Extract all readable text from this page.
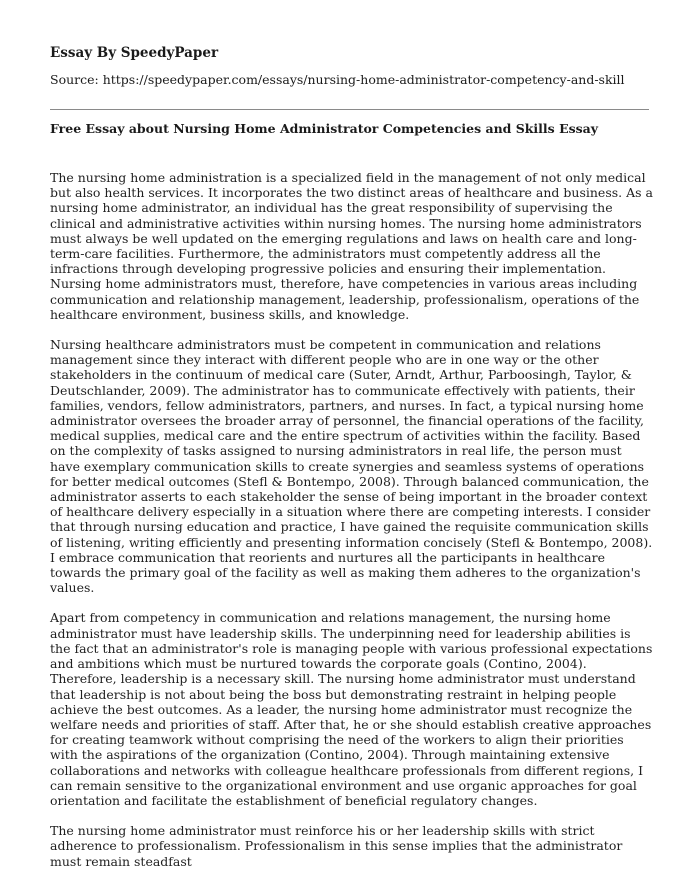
Essay By SpeedyPaper
Source: https://speedypaper.com/essays/nursing-home-administrator-competency-and-skill
Free Essay about Nursing Home Administrator Competencies and Skills Essay

The nursing home administration is a specialized field in the management of not only medical but also health services. It incorporates the two distinct areas of healthcare and business. As a nursing home administrator, an individual has the great responsibility of supervising the clinical and administrative activities within nursing homes. The nursing home administrators must always be well updated on the emerging regulations and laws on health care and long-term-care facilities. Furthermore, the administrators must competently address all the infractions through developing progressive policies and ensuring their implementation. Nursing home administrators must, therefore, have competencies in various areas including communication and relationship management, leadership, professionalism, operations of the healthcare environment, business skills, and knowledge.

Nursing healthcare administrators must be competent in communication and relations management since they interact with different people who are in one way or the other stakeholders in the continuum of medical care (Suter, Arndt, Arthur, Parboosingh, Taylor, & Deutschlander, 2009). The administrator has to communicate effectively with patients, their families, vendors, fellow administrators, partners, and nurses. In fact, a typical nursing home administrator oversees the broader array of personnel, the financial operations of the facility, medical supplies, medical care and the entire spectrum of activities within the facility. Based on the complexity of tasks assigned to nursing administrators in real life, the person must have exemplary communication skills to create synergies and seamless systems of operations for better medical outcomes (Stefl & Bontempo, 2008). Through balanced communication, the administrator asserts to each stakeholder the sense of being important in the broader context of healthcare delivery especially in a situation where there are competing interests. I consider that through nursing education and practice, I have gained the requisite communication skills of listening, writing efficiently and presenting information concisely (Stefl & Bontempo, 2008). I embrace communication that reorients and nurtures all the participants in healthcare towards the primary goal of the facility as well as making them adheres to the organization's values.

Apart from competency in communication and relations management, the nursing home administrator must have leadership skills. The underpinning need for leadership abilities is the fact that an administrator's role is managing people with various professional expectations and ambitions which must be nurtured towards the corporate goals (Contino, 2004). Therefore, leadership is a necessary skill. The nursing home administrator must understand that leadership is not about being the boss but demonstrating restraint in helping people achieve the best outcomes. As a leader, the nursing home administrator must recognize the welfare needs and priorities of staff. After that, he or she should establish creative approaches for creating teamwork without comprising the need of the workers to align their priorities with the aspirations of the organization (Contino, 2004). Through maintaining extensive collaborations and networks with colleague healthcare professionals from different regions, I can remain sensitive to the organizational environment and use organic approaches for goal orientation and facilitate the establishment of beneficial regulatory changes.

The nursing home administrator must reinforce his or her leadership skills with strict adherence to professionalism. Professionalism in this sense implies that the administrator must remain steadfast
